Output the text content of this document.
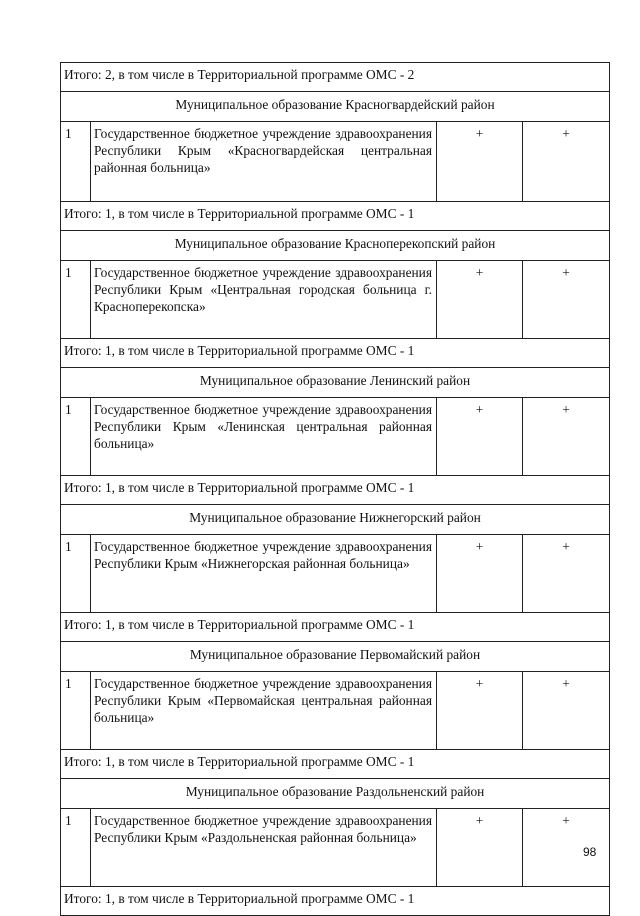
Итого: 2, в том числе в Территориальной программе ОМС - 2			
Муниципальное образование Красногвардейский район			
1	Государственное бюджетное учреждение здравоохранения Республики Крым «Красногвардейская центральная районная больница»	+	+
Итого: 1, в том числе в Территориальной программе ОМС - 1			
Муниципальное образование Красноперекопский район			
1	Государственное бюджетное учреждение здравоохранения Республики Крым «Центральная городская больница г. Красноперекопска»	+	+
Итого: 1, в том числе в Территориальной программе ОМС - 1			
Муниципальное образование Ленинский район			
1	Государственное бюджетное учреждение здравоохранения Республики Крым «Ленинская центральная районная больница»	+	+
Итого: 1, в том числе в Территориальной программе ОМС - 1			
Муниципальное образование Нижнегорский район			
1	Государственное бюджетное учреждение здравоохранения Республики Крым «Нижнегорская районная больница»	+	+
Итого: 1, в том числе в Территориальной программе ОМС - 1			
Муниципальное образование Первомайский район			
1	Государственное бюджетное учреждение здравоохранения Республики Крым «Первомайская центральная районная больница»	+	+
Итого: 1, в том числе в Территориальной программе ОМС - 1			
Муниципальное образование Раздольненский район			
1	Государственное бюджетное учреждение здравоохранения Республики Крым «Раздольненская районная больница»	+	+
Итого: 1, в том числе в Территориальной программе ОМС - 1			
98
